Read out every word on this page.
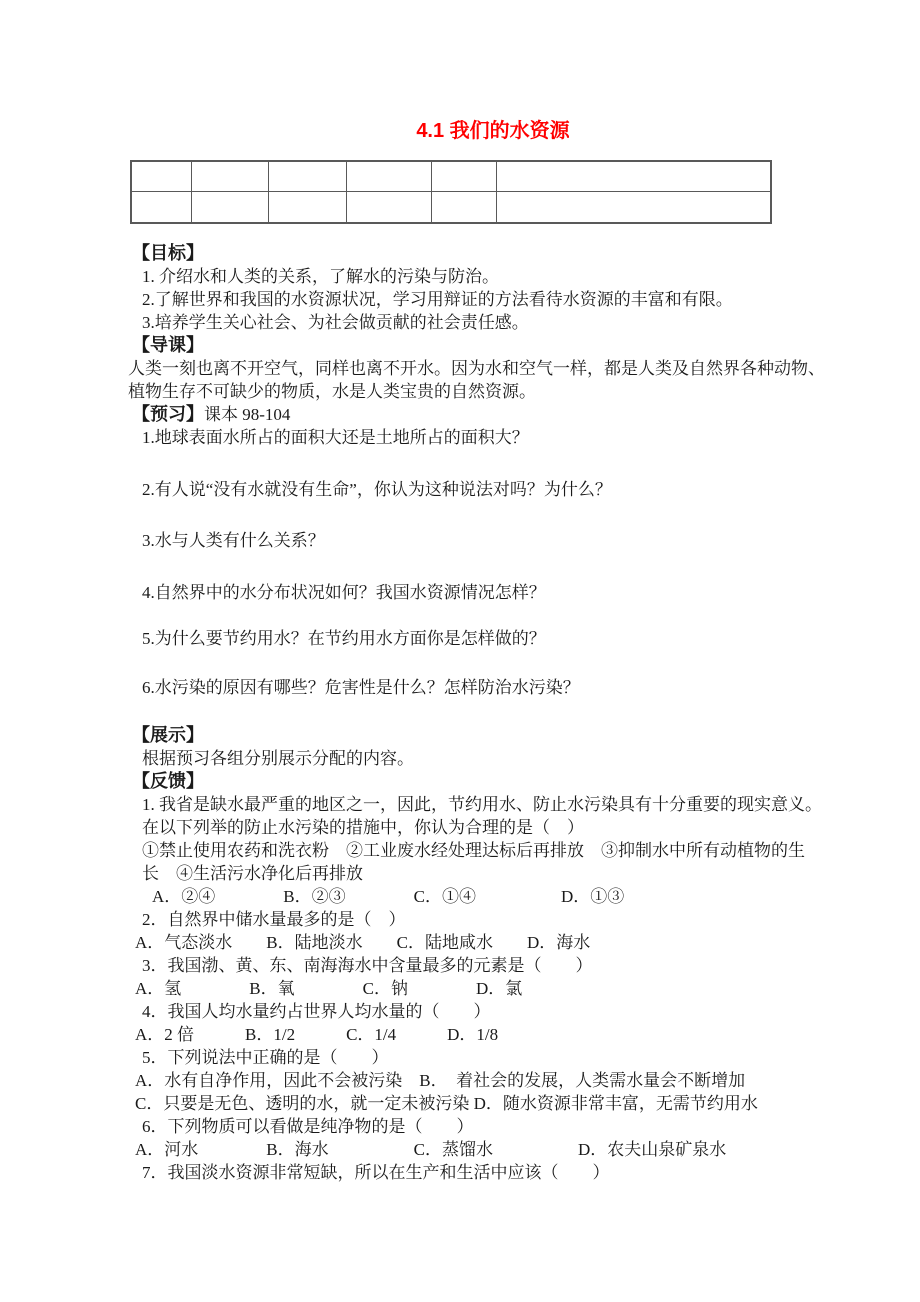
4.1 我们的水资源

【目标】
1. 介绍水和人类的关系，了解水的污染与防治。
2.了解世界和我国的水资源状况，学习用辩证的方法看待水资源的丰富和有限。
3.培养学生关心社会、为社会做贡献的社会责任感。
【导课】
人类一刻也离不开空气，同样也离不开水。因为水和空气一样，都是人类及自然界各种动物、
植物生存不可缺少的物质，水是人类宝贵的自然资源。
【预习】课本 98-104
1.地球表面水所占的面积大还是土地所占的面积大？
2.有人说“没有水就没有生命”，你认为这种说法对吗？为什么？
3.水与人类有什么关系？
4.自然界中的水分布状况如何？我国水资源情况怎样？
5.为什么要节约用水？在节约用水方面你是怎样做的？
6.水污染的原因有哪些？危害性是什么？怎样防治水污染？
【展示】
根据预习各组分别展示分配的内容。
【反馈】
1. 我省是缺水最严重的地区之一，因此，节约用水、防止水污染具有十分重要的现实意义。
在以下列举的防止水污染的措施中，你认为合理的是（　）
①禁止使用农药和洗衣粉　②工业废水经处理达标后再排放　③抑制水中所有动植物的生
长　④生活污水净化后再排放
A．②④　　　　B．②③　　　　C．①④　　　　　D．①③
2．自然界中储水量最多的是（　）
A．气态淡水　　B．陆地淡水　　C．陆地咸水　　D．海水
3．我国渤、黄、东、南海海水中含量最多的元素是（　　）
A．氢　　　　B．氧　　　　C．钠　　　　D．氯
4．我国人均水量约占世界人均水量的（　　）
A．2 倍　　　B．1/2　　　C．1/4　　　D．1/8
5．下列说法中正确的是（　　）
A．水有自净作用，因此不会被污染　B．　着社会的发展，人类需水量会不断增加
C．只要是无色、透明的水，就一定未被污染 D．随水资源非常丰富，无需节约用水
6．下列物质可以看做是纯净物的是（　　）
A．河水　　　　B．海水　　　　　C．蒸馏水　　　　　D．农夫山泉矿泉水
7．我国淡水资源非常短缺，所以在生产和生活中应该（　　）
